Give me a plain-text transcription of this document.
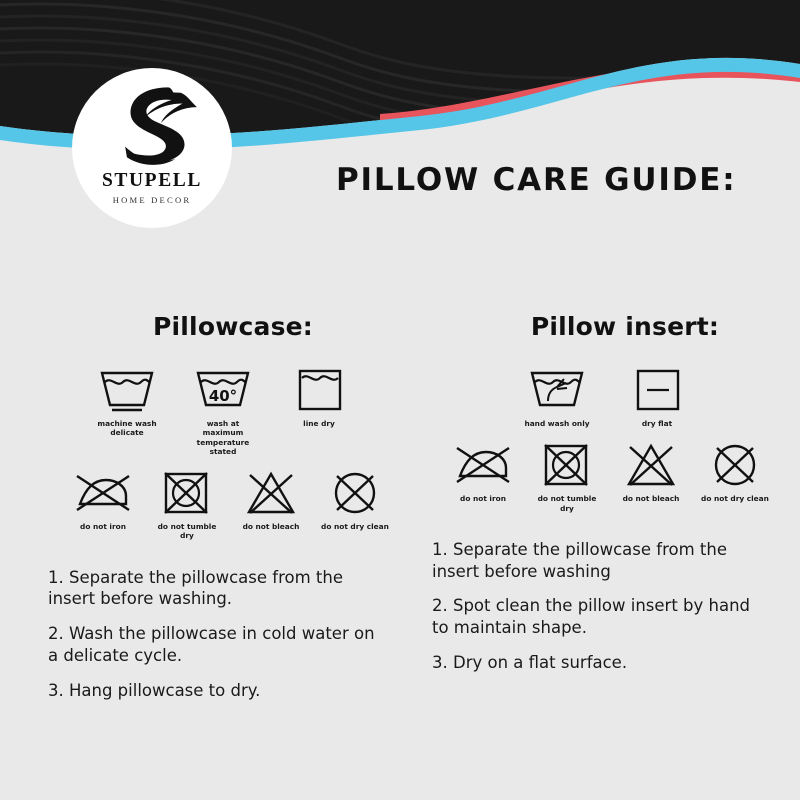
STUPELL
HOME DECOR
PILLOW CARE GUIDE:
Pillowcase:
machine wash
delicate
40°
wash at maximum
temperature stated
line dry
do not iron	do not tumble dry
do not bleach	do not dry clean
1. Separate the pillowcase from the insert before washing.
2. Wash the pillowcase in cold water on a delicate cycle.
3. Hang pillowcase to dry.
Pillow insert:
hand wash only	dry flat
do not iron	do not tumble dry
do not bleach	do not dry clean
1. Separate the pillowcase from the insert before washing
2. Spot clean the pillow insert by hand to maintain shape.
3. Dry on a flat surface.
